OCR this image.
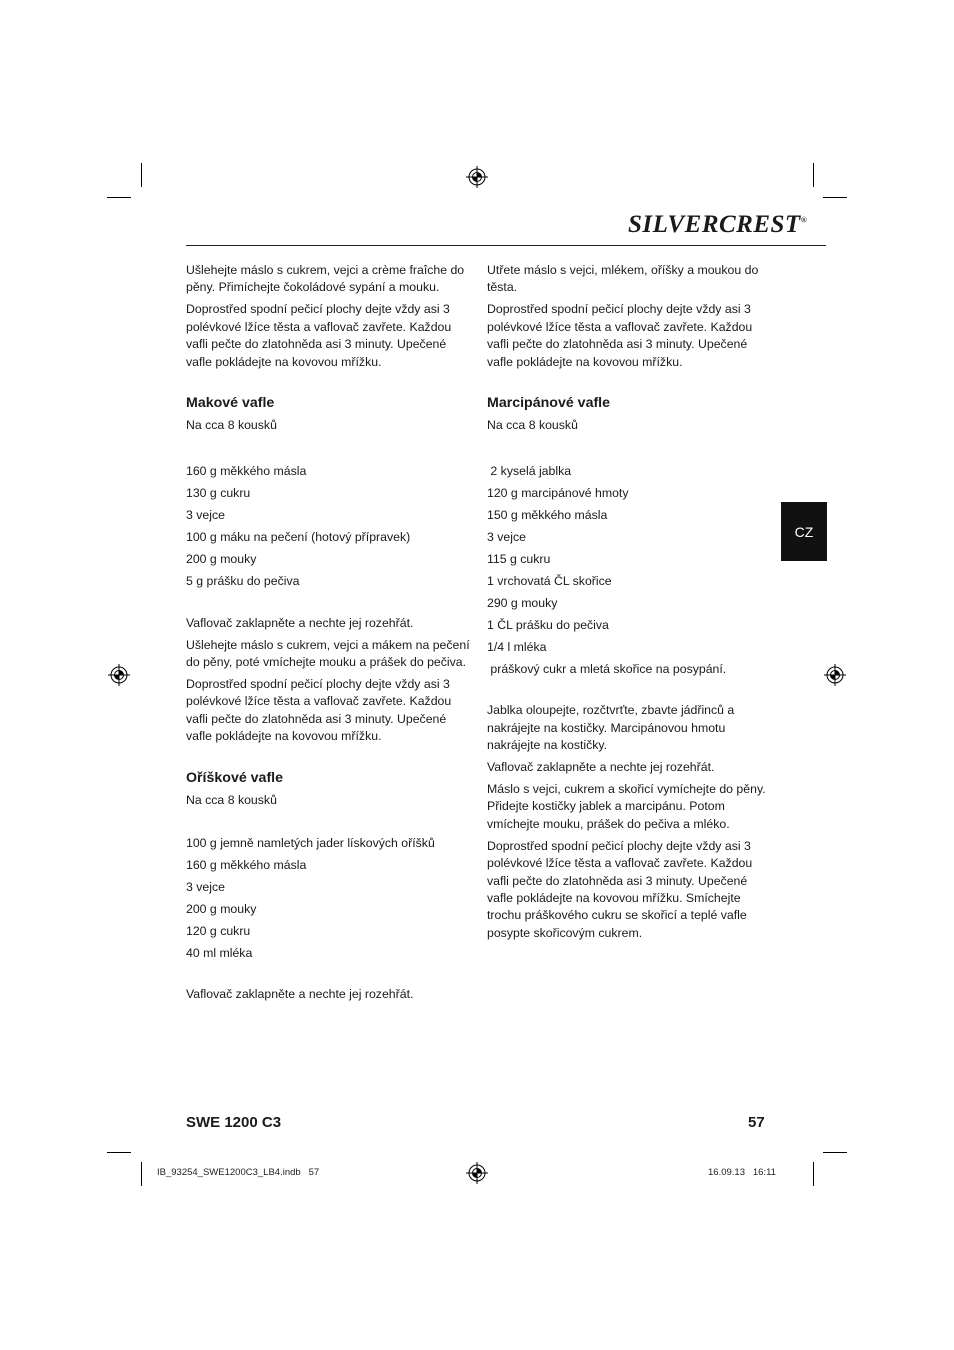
SILVERCREST®

Ušlehejte máslo s cukrem, vejci a crème fraîche do pěny. Přimíchejte čokoládové sypání a mouku.

Doprostřed spodní pečicí plochy dejte vždy asi 3 polévkové lžíce těsta a vaflovač zavřete. Každou vafli pečte do zlatohněda asi 3 minuty. Upečené vafle pokládejte na kovovou mřížku.

Makové vafle

Na cca 8 kousků

160 g měkkého másla

130 g cukru

3 vejce

100 g máku na pečení (hotový přípravek)

200 g mouky

5 g prášku do pečiva

Vaflovač zaklapněte a nechte jej rozehřát.

Ušlehejte máslo s cukrem, vejci a mákem na pečení do pěny, poté vmíchejte mouku a prášek do pečiva.

Doprostřed spodní pečicí plochy dejte vždy asi 3 polévkové lžíce těsta a vaflovač zavřete. Každou vafli pečte do zlatohněda asi 3 minuty. Upečené vafle pokládejte na kovovou mřížku.

Oříškové vafle

Na cca 8 kousků

100 g jemně namletých jader lískových oříšků

160 g měkkého másla

3 vejce

200 g mouky

120 g cukru

40 ml mléka

Vaflovač zaklapněte a nechte jej rozehřát.

Utřete máslo s vejci, mlékem, oříšky a moukou do těsta.

Doprostřed spodní pečicí plochy dejte vždy asi 3 polévkové lžíce těsta a vaflovač zavřete. Každou vafli pečte do zlatohněda asi 3 minuty. Upečené vafle pokládejte na kovovou mřížku.

Marcipánové vafle

Na cca 8 kousků

2 kyselá jablka

120 g marcipánové hmoty

150 g měkkého másla

3 vejce

115 g cukru

1 vrchovatá ČL skořice

290 g mouky

1 ČL prášku do pečiva

1/4 l mléka

práškový cukr a mletá skořice na posypání.

Jablka oloupejte, rozčtvrťte, zbavte jádřinců a nakrájejte na kostičky. Marcipánovou hmotu nakrájejte na kostičky.

Vaflovač zaklapněte a nechte jej rozehřát.

Máslo s vejci, cukrem a skořicí vymíchejte do pěny. Přidejte kostičky jablek a marcipánu. Potom vmíchejte mouku, prášek do pečiva a mléko.

Doprostřed spodní pečicí plochy dejte vždy asi 3 polévkové lžíce těsta a vaflovač zavřete. Každou vafli pečte do zlatohněda asi 3 minuty. Upečené vafle pokládejte na kovovou mřížku. Smíchejte trochu práškového cukru se skořicí a teplé vafle posypte skořicovým cukrem.

CZ
SWE 1200 C3	57
IB_93254_SWE1200C3_LB4.indb   57	16.09.13   16:11
